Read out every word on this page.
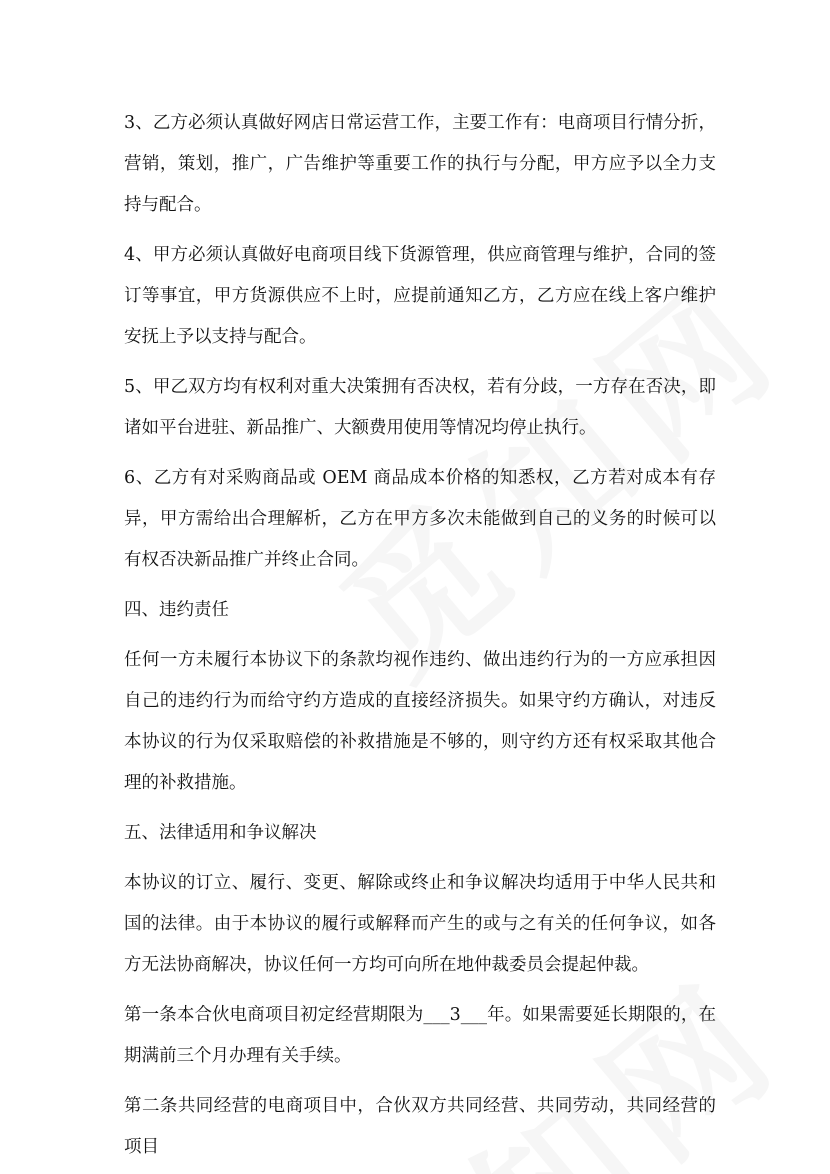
3、乙方必须认真做好网店日常运营工作，主要工作有：电商项目行情分折，营销，策划，推广，广告维护等重要工作的执行与分配，甲方应予以全力支持与配合。

4、甲方必须认真做好电商项目线下货源管理，供应商管理与维护，合同的签订等事宜，甲方货源供应不上时，应提前通知乙方，乙方应在线上客户维护安抚上予以支持与配合。

5、甲乙双方均有权利对重大决策拥有否决权，若有分歧，一方存在否决，即诸如平台进驻、新品推广、大额费用使用等情况均停止执行。

6、乙方有对采购商品或 OEM 商品成本价格的知悉权，乙方若对成本有存异，甲方需给出合理解析，乙方在甲方多次未能做到自己的义务的时候可以有权否决新品推广并终止合同。

四、违约责任

任何一方未履行本协议下的条款均视作违约、做出违约行为的一方应承担因自己的违约行为而给守约方造成的直接经济损失。如果守约方确认，对违反本协议的行为仅采取赔偿的补救措施是不够的，则守约方还有权采取其他合理的补救措施。

五、法律适用和争议解决

本协议的订立、履行、变更、解除或终止和争议解决均适用于中华人民共和国的法律。由于本协议的履行或解释而产生的或与之有关的任何争议，如各方无法协商解决，协议任何一方均可向所在地仲裁委员会提起仲裁。

第一条本合伙电商项目初定经营期限为___3___年。如果需要延长期限的，在期满前三个月办理有关手续。

第二条共同经营的电商项目中，合伙双方共同经营、共同劳动，共同经营的项目
